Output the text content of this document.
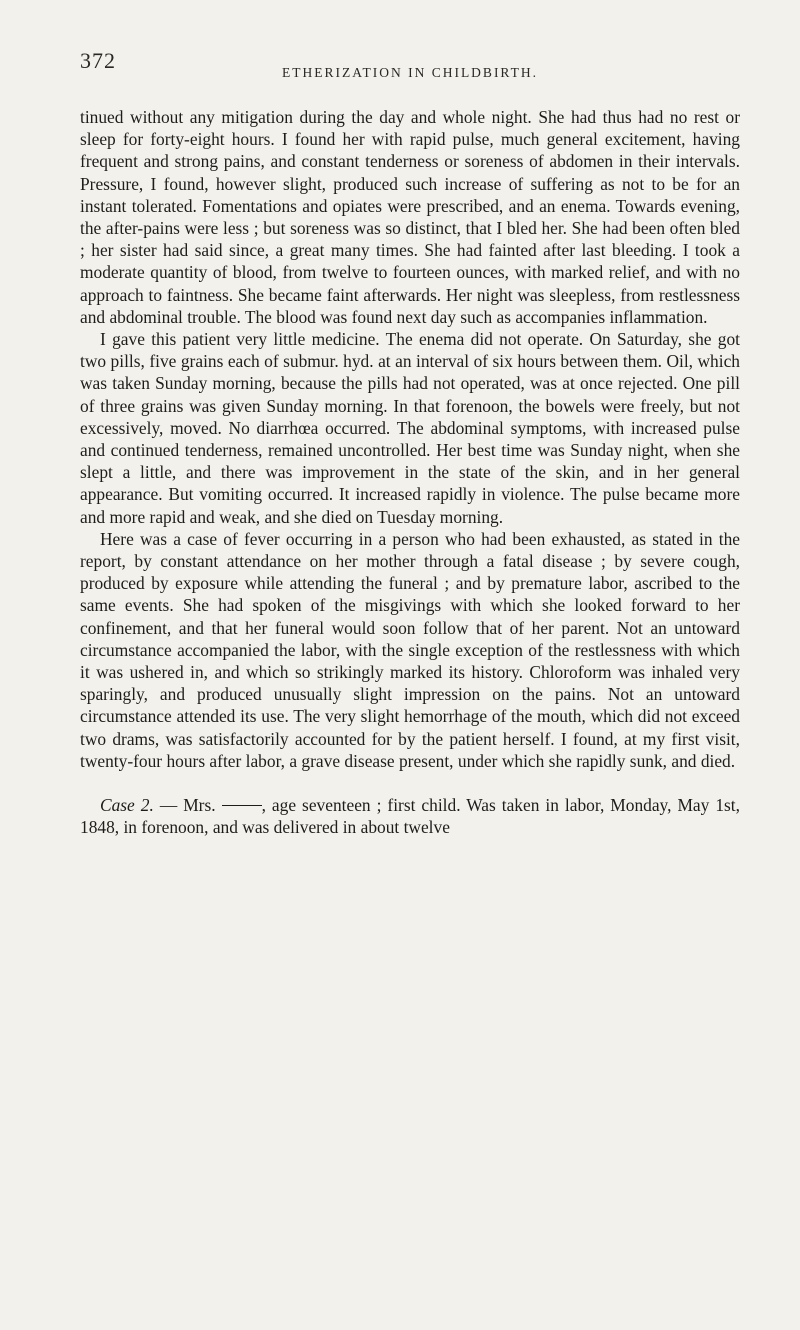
372	ETHERIZATION IN CHILDBIRTH.

tinued without any mitigation during the day and whole night. She had thus had no rest or sleep for forty-eight hours. I found her with rapid pulse, much general excitement, having frequent and strong pains, and constant tenderness or soreness of abdomen in their intervals. Pressure, I found, however slight, produced such increase of suffering as not to be for an instant tolerated. Fomentations and opiates were prescribed, and an enema. Towards evening, the after-pains were less ; but soreness was so distinct, that I bled her. She had been often bled ; her sister had said since, a great many times. She had fainted after last bleeding. I took a moderate quantity of blood, from twelve to fourteen ounces, with marked relief, and with no approach to faintness. She became faint afterwards. Her night was sleepless, from restlessness and abdominal trouble. The blood was found next day such as accompanies inflammation.

I gave this patient very little medicine. The enema did not operate. On Saturday, she got two pills, five grains each of submur. hyd. at an interval of six hours between them. Oil, which was taken Sunday morning, because the pills had not operated, was at once rejected. One pill of three grains was given Sunday morning. In that forenoon, the bowels were freely, but not excessively, moved. No diarrhœa occurred. The abdominal symptoms, with increased pulse and continued tenderness, remained uncontrolled. Her best time was Sunday night, when she slept a little, and there was improvement in the state of the skin, and in her general appearance. But vomiting occurred. It increased rapidly in violence. The pulse became more and more rapid and weak, and she died on Tuesday morning.

Here was a case of fever occurring in a person who had been exhausted, as stated in the report, by constant attendance on her mother through a fatal disease ; by severe cough, produced by exposure while attending the funeral ; and by premature labor, ascribed to the same events. She had spoken of the misgivings with which she looked forward to her confinement, and that her funeral would soon follow that of her parent. Not an untoward circumstance accompanied the labor, with the single exception of the restlessness with which it was ushered in, and which so strikingly marked its history. Chloroform was inhaled very sparingly, and produced unusually slight impression on the pains. Not an untoward circumstance attended its use. The very slight hemorrhage of the mouth, which did not exceed two drams, was satisfactorily accounted for by the patient herself. I found, at my first visit, twenty-four hours after labor, a grave disease present, under which she rapidly sunk, and died.

Case 2. — Mrs. , age seventeen ; first child. Was taken in labor, Monday, May 1st, 1848, in forenoon, and was delivered in about twelve
